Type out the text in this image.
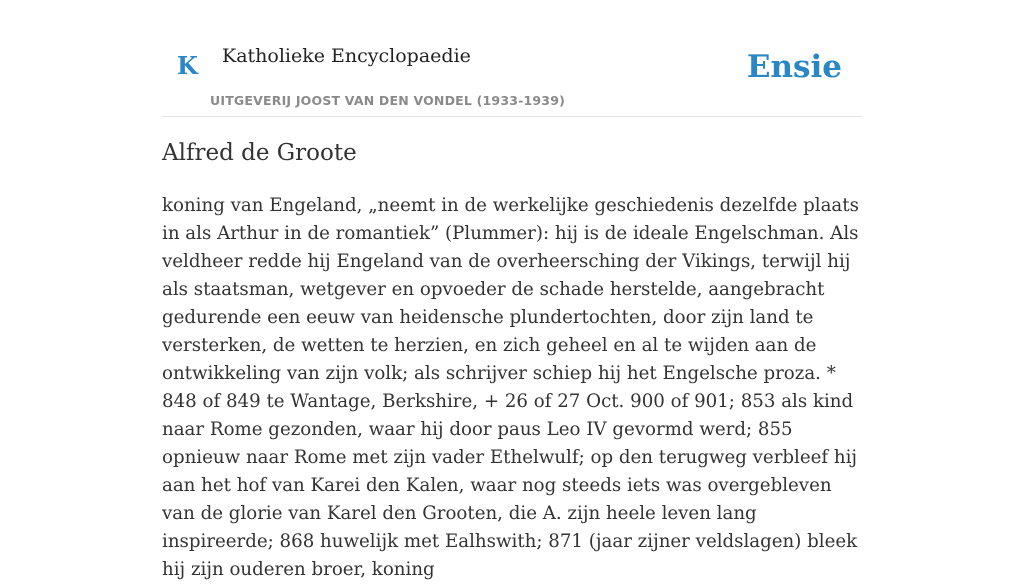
K Katholieke Encyclopaedie
UITGEVERIJ JOOST VAN DEN VONDEL (1933-1939)
Ensie
Alfred de Groote

koning van Engeland, „neemt in de werkelijke geschiedenis dezelfde plaats in als Arthur in de romantiek” (Plummer): hij is de ideale Engelschman. Als veldheer redde hij Engeland van de overheersching der Vikings, terwijl hij als staatsman, wetgever en opvoeder de schade herstelde, aangebracht gedurende een eeuw van heidensche plundertochten, door zijn land te versterken, de wetten te herzien, en zich geheel en al te wijden aan de ontwikkeling van zijn volk; als schrijver schiep hij het Engelsche proza. * 848 of 849 te Wantage, Berkshire, + 26 of 27 Oct. 900 of 901; 853 als kind naar Rome gezonden, waar hij door paus Leo IV gevormd werd; 855 opnieuw naar Rome met zijn vader Ethelwulf; op den terugweg verbleef hij aan het hof van Karei den Kalen, waar nog steeds iets was overgebleven van de glorie van Karel den Grooten, die A. zijn heele leven lang inspireerde; 868 huwelijk met Ealhswith; 871 (jaar zijner veldslagen) bleek hij zijn ouderen broer, koning
